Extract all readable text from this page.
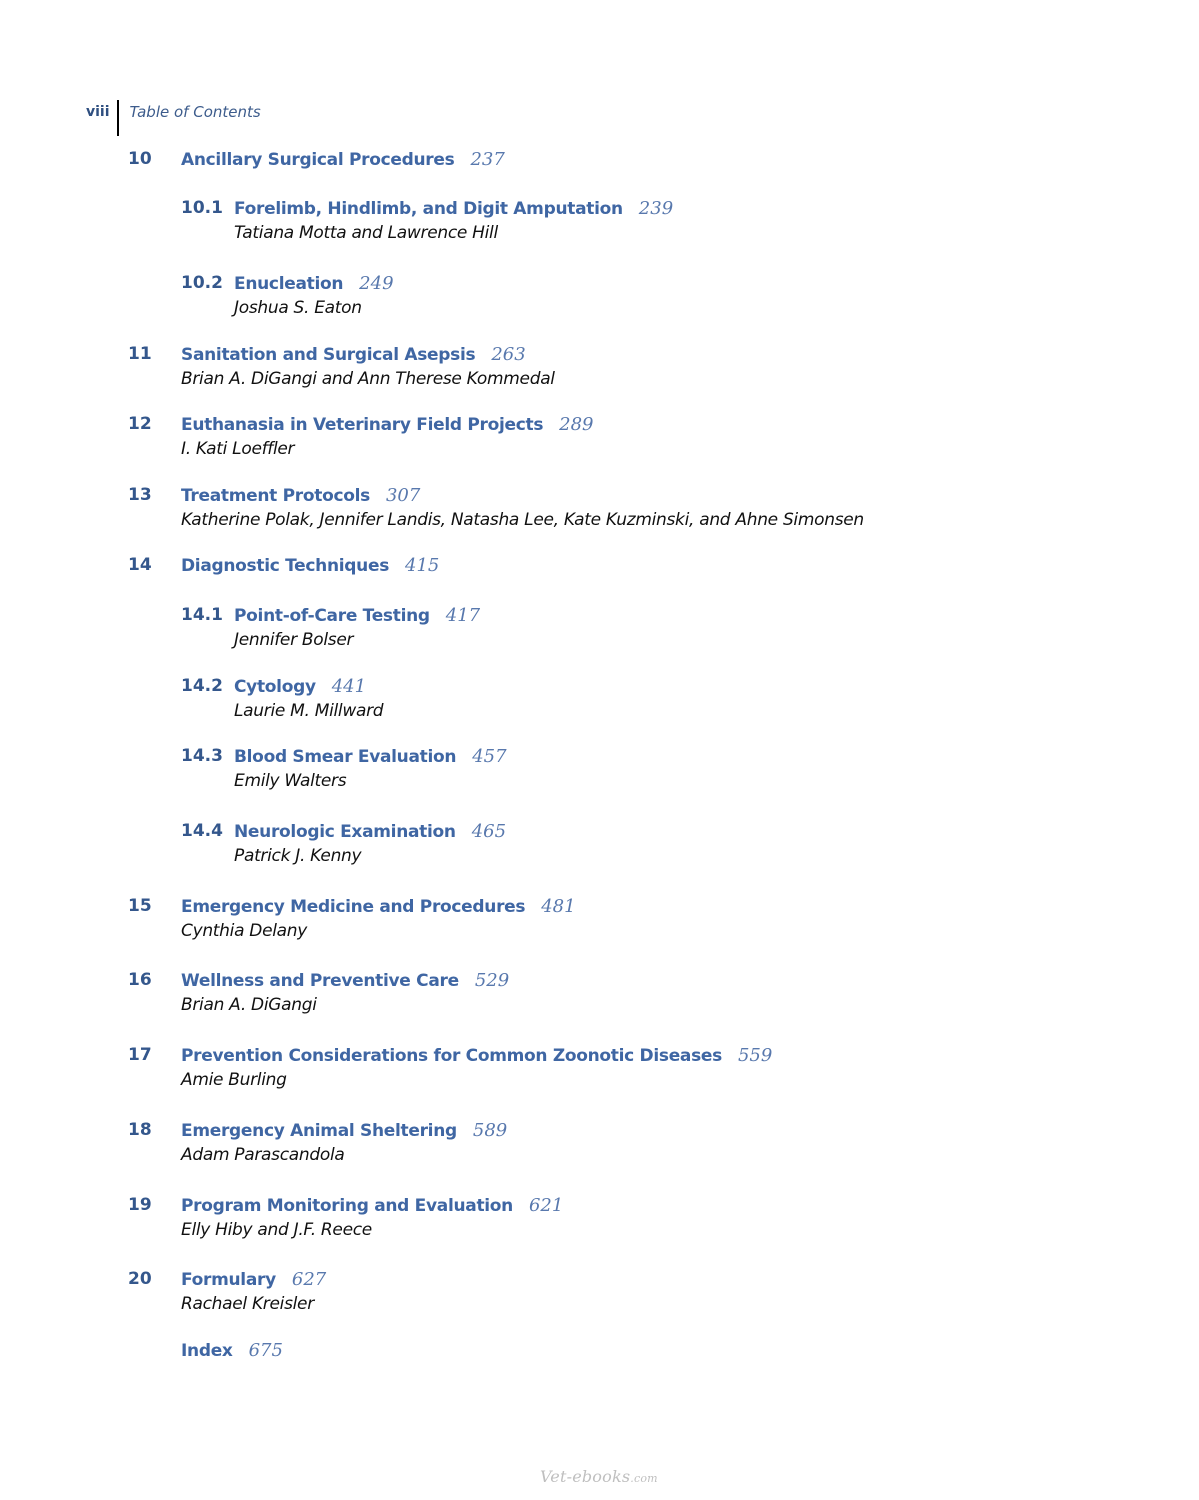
viii	Table of Contents
10 Ancillary Surgical Procedures 237
10.1 Forelimb, Hindlimb, and Digit Amputation 239
Tatiana Motta and Lawrence Hill
10.2 Enucleation 249
Joshua S. Eaton
11 Sanitation and Surgical Asepsis 263
Brian A. DiGangi and Ann Therese Kommedal
12 Euthanasia in Veterinary Field Projects 289
I. Kati Loeffler
13 Treatment Protocols 307
Katherine Polak, Jennifer Landis, Natasha Lee, Kate Kuzminski, and Ahne Simonsen
14 Diagnostic Techniques 415
14.1 Point-of-Care Testing 417
Jennifer Bolser
14.2 Cytology 441
Laurie M. Millward
14.3 Blood Smear Evaluation 457
Emily Walters
14.4 Neurologic Examination 465
Patrick J. Kenny
15 Emergency Medicine and Procedures 481
Cynthia Delany
16 Wellness and Preventive Care 529
Brian A. DiGangi
17 Prevention Considerations for Common Zoonotic Diseases 559
Amie Burling
18 Emergency Animal Sheltering 589
Adam Parascandola
19 Program Monitoring and Evaluation 621
Elly Hiby and J.F. Reece
20 Formulary 627
Rachael Kreisler
Index 675
Vet-ebooks.com
